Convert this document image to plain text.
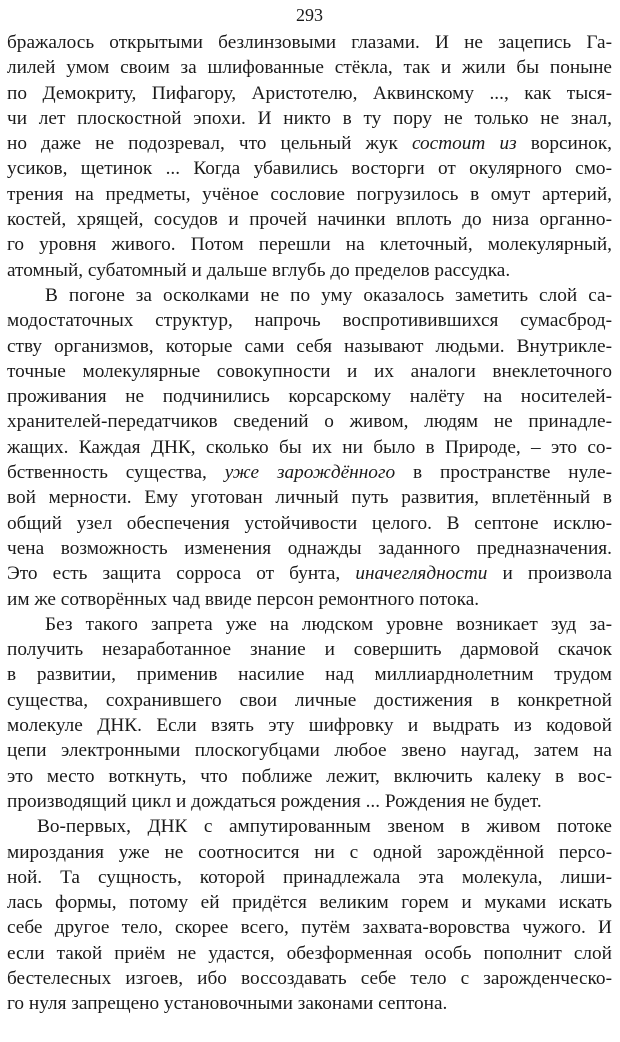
293
бражалось открытыми безлинзовыми глазами. И не зацепись Га-
лилей умом своим за шлифованные стёкла, так и жили бы понынe
по Демокриту, Пифагору, Аристотелю, Аквинскому ..., как тыся-
чи лет плоскостной эпохи. И никто в ту пору не только не знал,
но даже не подозревал, что цельный жук состоит из ворсинок,
усиков, щетинок ... Когда убавились восторги от окулярного смо-
трения на предметы, учёное сословие погрузилось в омут артерий,
костей, хрящей, сосудов и прочей начинки вплоть до низа органно-
го уровня живого. Потом перешли на клеточный, молекулярный,
атомный, субатомный и дальше вглубь до пределов рассудка.
В погоне за осколками не по уму оказалось заметить слой са-
модостаточных структур, напрочь воспротивившихся сумасброд-
ству организмов, которые сами себя называют людьми. Внутрикле-
точные молекулярные совокупности и их аналоги внеклеточного
проживания не подчинились корсарскому налёту на носителей-
хранителей-передатчиков сведений о живом, людям не принадле-
жащих. Каждая ДНК, сколько бы их ни было в Природе, – это со-
бственность существа, уже зарождённого в пространстве нуле-
вой мерности. Ему уготован личный путь развития, вплетённый в
общий узел обеспечения устойчивости целого. В септоне исклю-
чена возможность изменения однажды заданного предназначения.
Это есть защита сорроса от бунта, иначеглядности и произвола
им же сотворённых чад ввиде персон ремонтного потока.
Без такого запрета уже на людском уровне возникает зуд за-
получить незаработанное знание и совершить дармовой скачок
в развитии, применив насилие над миллиарднолетним трудом
существа, сохранившего свои личные достижения в конкретной
молекуле ДНК. Если взять эту шифровку и выдрать из кодовой
цепи электронными плоскогубцами любое звено наугад, затем на
это место воткнуть, что поближе лежит, включить калеку в вос-
производящий цикл и дождаться рождения ... Рождения не будет.
Во-первых, ДНК с ампутированным звеном в живом потоке
мироздания уже не соотносится ни с одной зарождённой персо-
ной. Та сущность, которой принадлежала эта молекула, лиши-
лась формы, потому ей придётся великим горем и муками искать
себе другое тело, скорее всего, путём захвата-воровства чужого. И
если такой приём не удастся, обезформенная особь пополнит слой
бестелесных изгоев, ибо воссоздавать себе тело с зарожденческо-
го нуля запрещено установочными законами септона.
